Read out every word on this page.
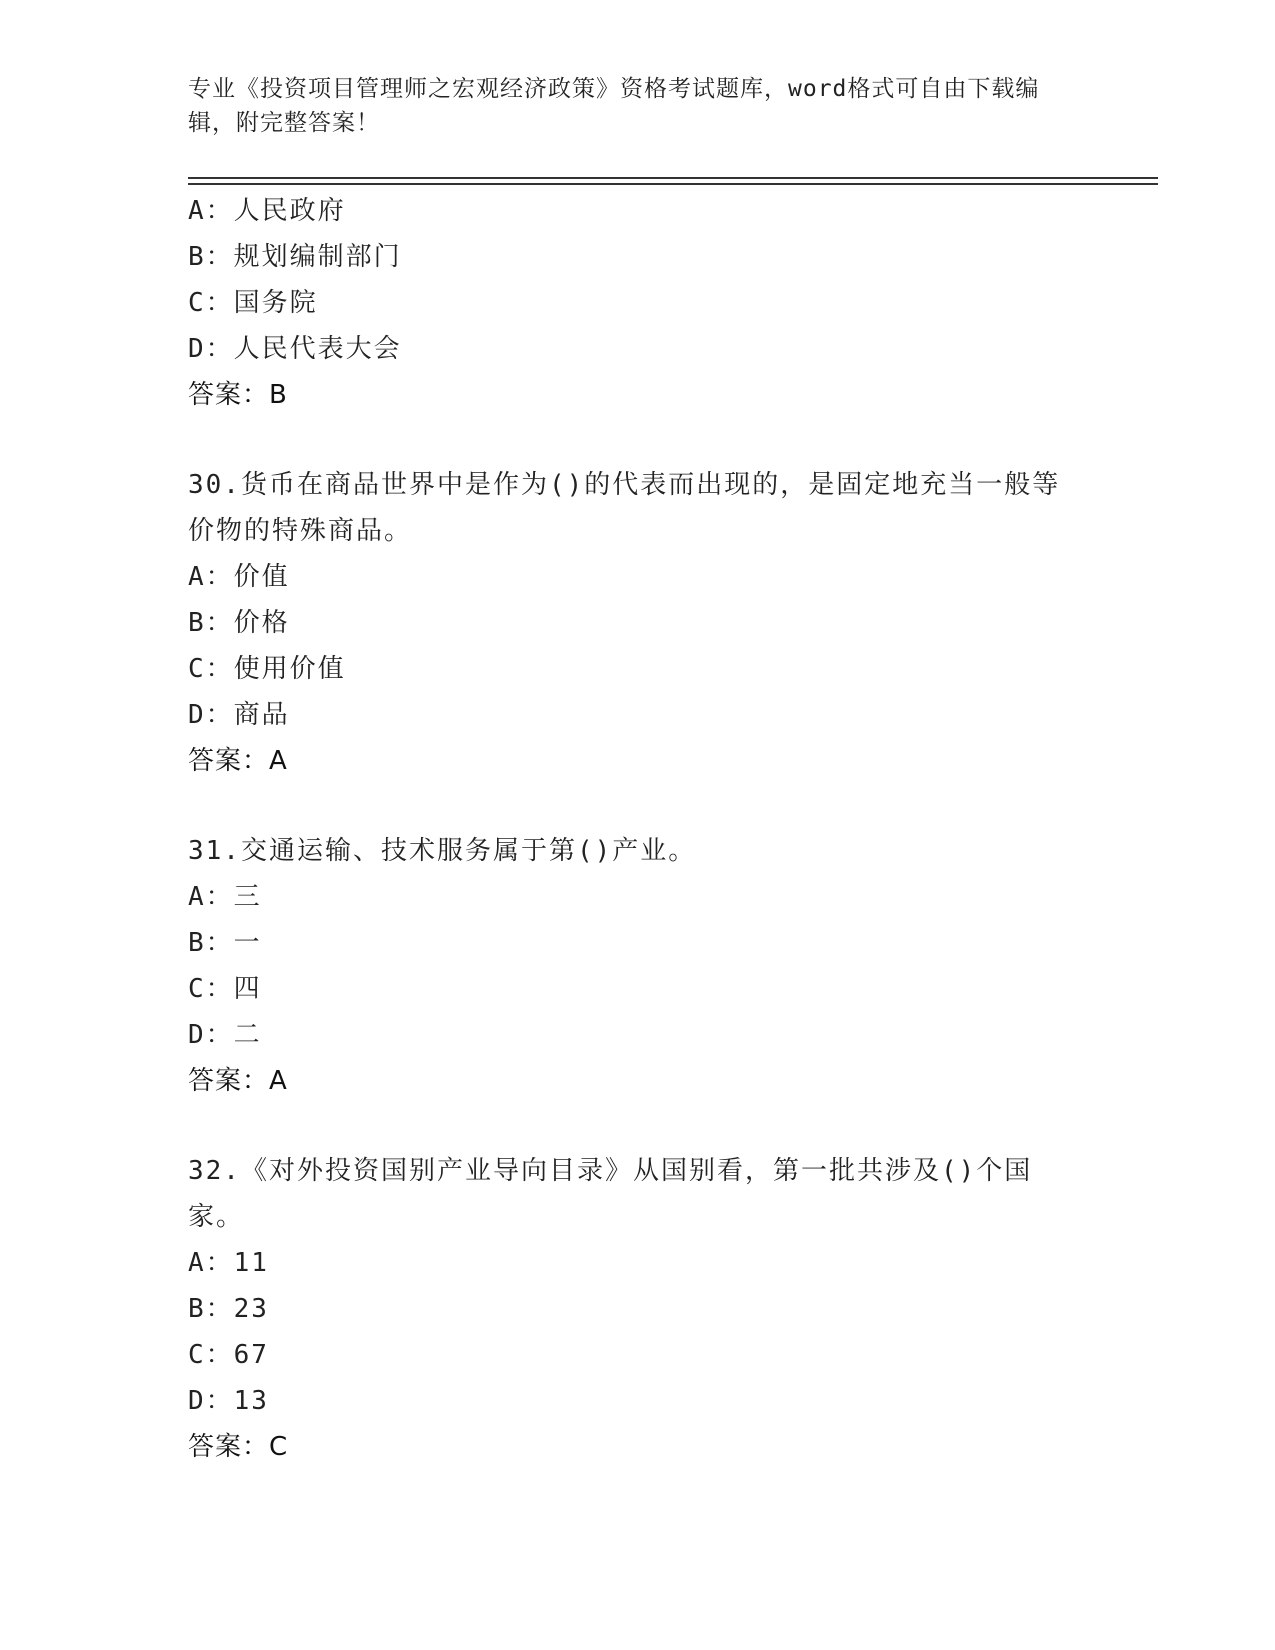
专业《投资项目管理师之宏观经济政策》资格考试题库，word格式可自由下载编辑，附完整答案！
A：人民政府
B：规划编制部门
C：国务院
D：人民代表大会
答案：B
30.货币在商品世界中是作为()的代表而出现的，是固定地充当一般等价物的特殊商品。
A：价值
B：价格
C：使用价值
D：商品
答案：A
31.交通运输、技术服务属于第()产业。
A：三
B：一
C：四
D：二
答案：A
32.《对外投资国别产业导向目录》从国别看，第一批共涉及()个国家。
A：11
B：23
C：67
D：13
答案：C
